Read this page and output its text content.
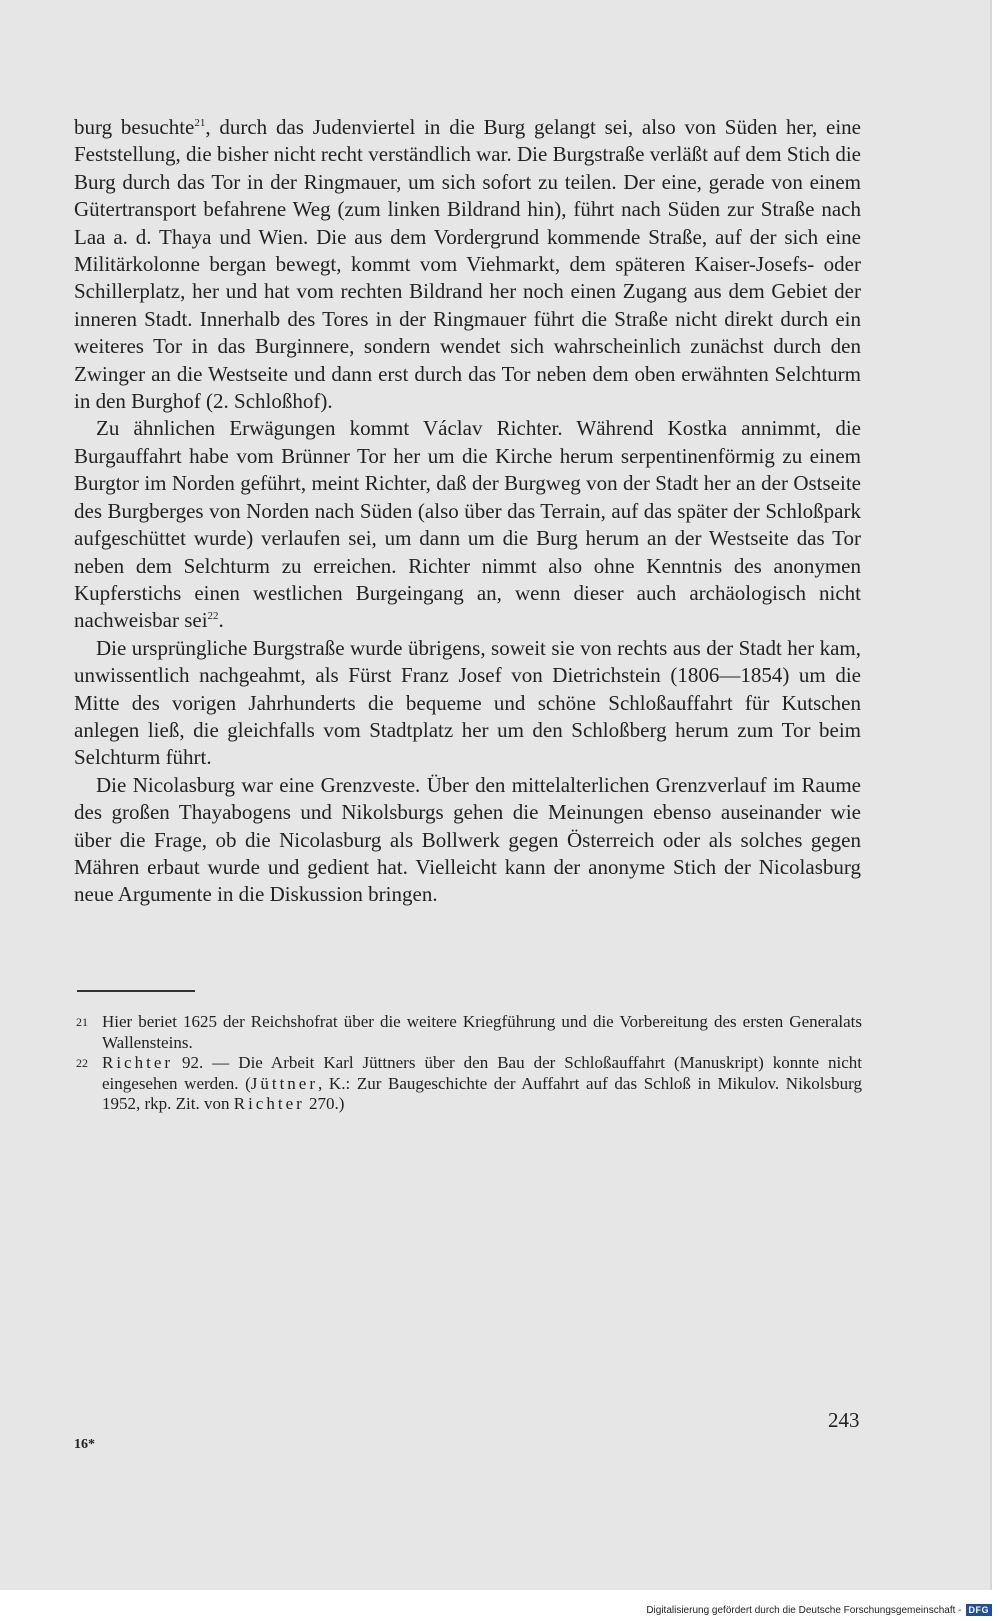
burg besuchte$^{21}$, durch das Judenviertel in die Burg gelangt sei, also von Süden her, eine Feststellung, die bisher nicht recht verständlich war. Die Burgstraße verläßt auf dem Stich die Burg durch das Tor in der Ringmauer, um sich sofort zu teilen. Der eine, gerade von einem Gütertransport befahrene Weg (zum linken Bildrand hin), führt nach Süden zur Straße nach Laa a. d. Thaya und Wien. Die aus dem Vordergrund kommende Straße, auf der sich eine Militärkolonne bergan bewegt, kommt vom Viehmarkt, dem späteren Kaiser-Josefs- oder Schillerplatz, her und hat vom rechten Bildrand her noch einen Zugang aus dem Gebiet der inneren Stadt. Innerhalb des Tores in der Ringmauer führt die Straße nicht direkt durch ein weiteres Tor in das Burginnere, sondern wendet sich wahrscheinlich zunächst durch den Zwinger an die Westseite und dann erst durch das Tor neben dem oben erwähnten Selchturm in den Burghof (2. Schloßhof).

Zu ähnlichen Erwägungen kommt Václav Richter. Während Kostka annimmt, die Burgauffahrt habe vom Brünner Tor her um die Kirche herum serpentinenförmig zu einem Burgtor im Norden geführt, meint Richter, daß der Burgweg von der Stadt her an der Ostseite des Burgberges von Norden nach Süden (also über das Terrain, auf das später der Schloßpark aufgeschüttet wurde) verlaufen sei, um dann um die Burg herum an der Westseite das Tor neben dem Selchturm zu erreichen. Richter nimmt also ohne Kenntnis des anonymen Kupferstichs einen westlichen Burgeingang an, wenn dieser auch archäologisch nicht nachweisbar sei$^{22}$.

Die ursprüngliche Burgstraße wurde übrigens, soweit sie von rechts aus der Stadt her kam, unwissentlich nachgeahmt, als Fürst Franz Josef von Dietrichstein (1806—1854) um die Mitte des vorigen Jahrhunderts die bequeme und schöne Schloßauffahrt für Kutschen anlegen ließ, die gleichfalls vom Stadtplatz her um den Schloßberg herum zum Tor beim Selchturm führt.

Die Nicolasburg war eine Grenzveste. Über den mittelalterlichen Grenzverlauf im Raume des großen Thayabogens und Nikolsburgs gehen die Meinungen ebenso auseinander wie über die Frage, ob die Nicolasburg als Bollwerk gegen Österreich oder als solches gegen Mähren erbaut wurde und gedient hat. Vielleicht kann der anonyme Stich der Nicolasburg neue Argumente in die Diskussion bringen.

21 Hier beriet 1625 der Reichshofrat über die weitere Kriegführung und die Vorbereitung des ersten Generalats Wallensteins.

22 Richter 92. — Die Arbeit Karl Jüttners über den Bau der Schloßauffahrt (Manuskript) konnte nicht eingesehen werden. (Jüttner, K.: Zur Baugeschichte der Auffahrt auf das Schloß in Mikulov. Nikolsburg 1952, rkp. Zit. von Richter 270.)

243
16*
Digitalisierung gefördert durch die Deutsche Forschungsgemeinschaft - DFG
